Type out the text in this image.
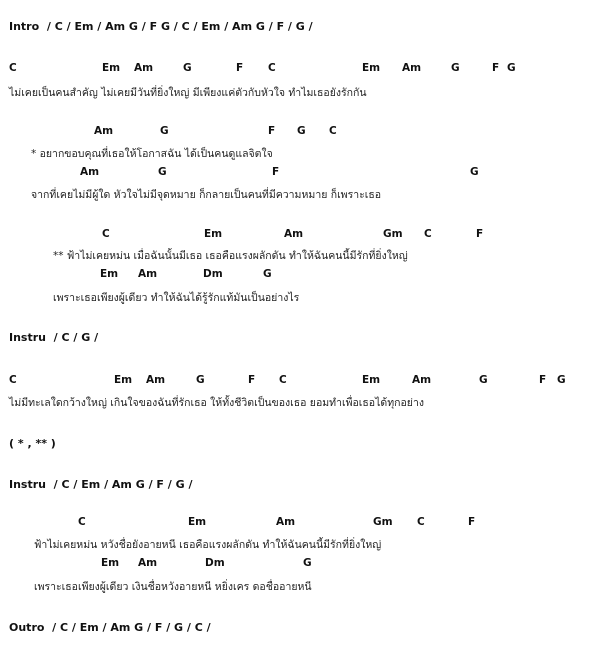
Intro / C / Em / Am G / F G / C / Em / Am G / F / G /
C	Em Am	G	F C	Em Am	G	F G
ไม่เคยเป็นคนสำคัญ ไม่เคยมีวันที่ยิ่งใหญ่ มีเพียงแค่ตัวกับหัวใจ ทำไมเธอยังรักกัน
Am	G	F G C
* อยากขอบคุณที่เธอให้โอกาสฉัน ได้เป็นคนดูแลจิตใจ
Am	G	F	G
จากที่เคยไม่มีผู้ใด หัวใจไม่มีจุดหมาย ก็กลายเป็นคนที่มีความหมาย ก็เพราะเธอ
C	Em	Am	Gm C	F
** ฟ้าไม่เคยหม่น เมื่อฉันนั้นมีเธอ เธอคือแรงผลักดัน ทำให้ฉันคนนี้มีรักที่ยิ่งใหญ่
Em Am	Dm	G
เพราะเธอเพียงผู้เดียว ทำให้ฉันได้รู้รักแท้มันเป็นอย่างไร
Instru / C / G /
C	Em Am	G	F C	Em	Am	G	F G
ไม่มีทะเลใดกว้างใหญ่ เกินใจของฉันที่รักเธอ ให้ทั้งชีวิตเป็นของเธอ ยอมทำเพื่อเธอได้ทุกอย่าง
( * , ** )
Instru / C / Em / Am G / F / G /
C	Em	Am	Gm C	F
ฟ้าไม่เคยหม่น หวังชื่อยังอายหนี เธอคือแรงผลักดัน ทำให้ฉันคนนี้มีรักที่ยิ่งใหญ่
Em Am	Dm	G
เพราะเธอเพียงผู้เดียว เงินชื่อหวังอายหนี หยิ่งเคร ดอชื่ออายหนี
Outro / C / Em / Am G / F / G / C /
